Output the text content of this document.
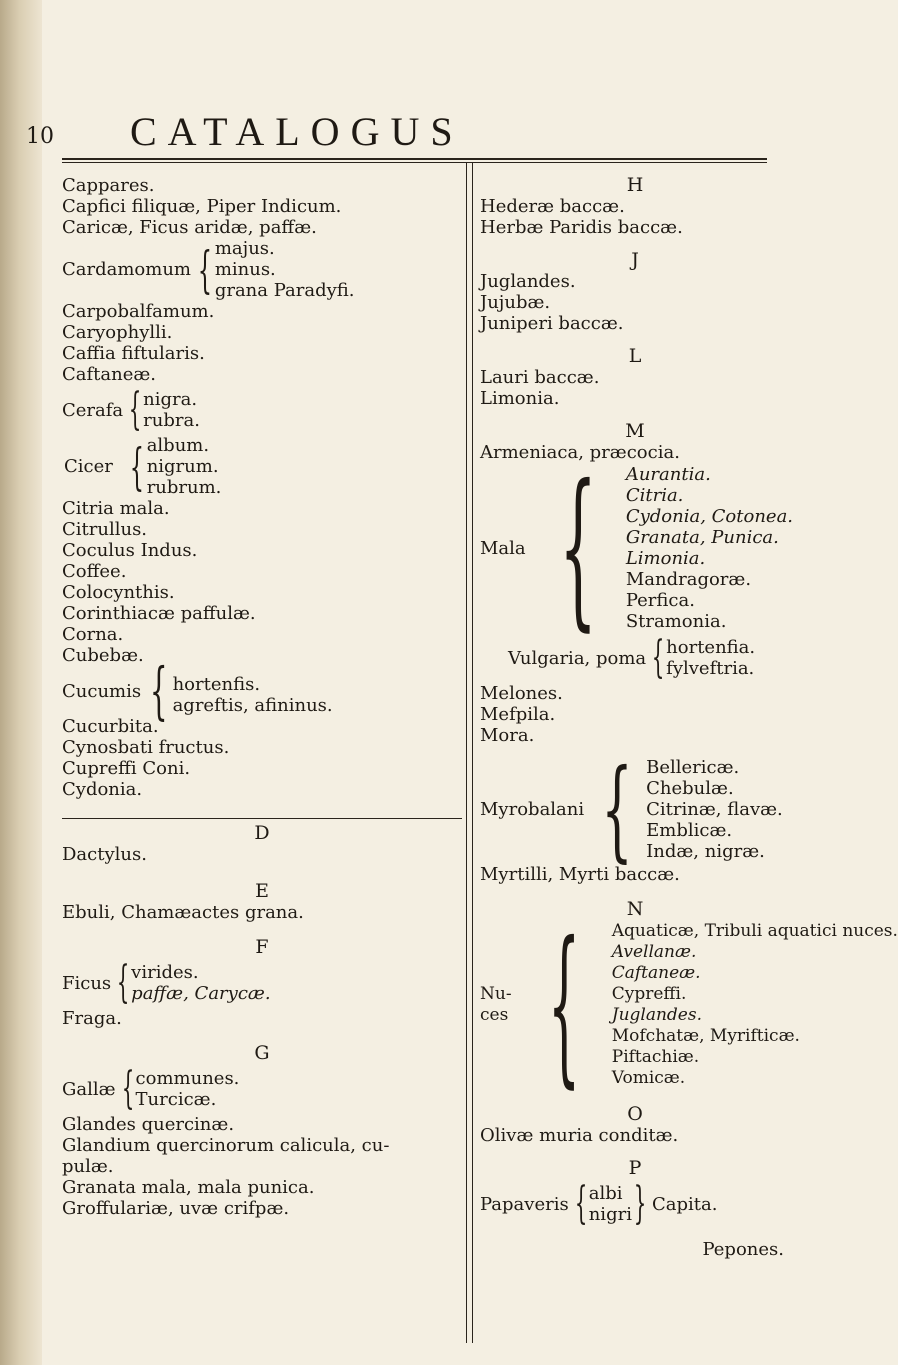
10 CATALOGUS
Cappares.
Capfici filiquæ, Piper Indicum.
Caricæ, Ficus aridæ, paffæ.
Cardamomum { majus.
minus.
grana Paradyfi.
Carpobalfamum.
Caryophylli.
Caffia fiftularis.
Caftaneæ.
Cerafa { nigra.
rubra.
Cicer { album.
nigrum.
rubrum.
Citria mala.
Citrullus.
Coculus Indus.
Coffee.
Colocynthis.
Corinthiacæ paffulæ.
Corna.
Cubebæ.
Cucumis { hortenfis.
agreftis, afininus.
Cucurbita.
Cynosbati fructus.
Cupreffi Coni.
Cydonia.
D
Dactylus.
E
Ebuli, Chamæactes grana.
F
Ficus { virides.
paffæ, Carycæ.
Fraga.
G
Gallæ { communes.
Turcicæ.
Glandes quercinæ.
Glandium quercinorum calicula, cu-
pulæ.
Granata mala, mala punica.
Groffulariæ, uvæ crifpæ.
H
Hederæ baccæ.
Herbæ Paridis baccæ.
J
Juglandes.
Jujubæ.
Juniperi baccæ.
L
Lauri baccæ.
Limonia.
M
Armeniaca, præcocia.
Mala { Aurantia.
Citria.
Cydonia, Cotonea.
Granata, Punica.
Limonia.
Mandragoræ.
Perfica.
Stramonia.
Vulgaria, poma { hortenfia.
fylveftria.
Melones.
Mefpila.
Mora.
Myrobalani { Bellericæ.
Chebulæ.
Citrinæ, flavæ.
Emblicæ.
Indæ, nigræ.
Myrtilli, Myrti baccæ.
N
Nu- ces { Aquaticæ, Tribuli aquatici nuces.
Avellanæ.
Caftaneæ.
Cypreffi.
Juglandes.
Mofchatæ, Myrifticæ.
Piftachiæ.
Vomicæ.
O
Olivæ muria conditæ.
P
Papaveris { albi
nigri } Capita.
Pepones.
